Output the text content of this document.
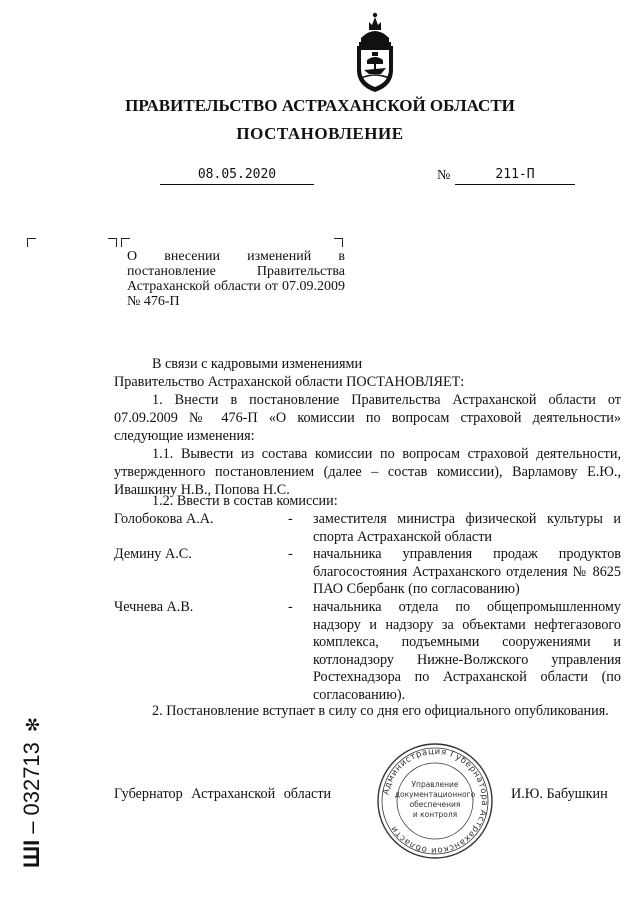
ПРАВИТЕЛЬСТВО АСТРАХАНСКОЙ ОБЛАСТИ
ПОСТАНОВЛЕНИЕ
08.05.2020	№	211-П
О внесении изменений в постановление Правительства Астраханской области от 07.09.2009 № 476-П
В связи с кадровыми изменениями
Правительство Астраханской области ПОСТАНОВЛЯЕТ:
1. Внести в постановление Правительства Астраханской области от 07.09.2009 № 476-П «О комиссии по вопросам страховой деятельности» следующие изменения:
1.1. Вывести из состава комиссии по вопросам страховой деятельности, утвержденного постановлением (далее – состав комиссии), Варламову Е.Ю., Ивашкину Н.В., Попова Н.С.
1.2. Ввести в состав комиссии:
Голобокова А.А.	- заместителя министра физической культуры и спорта Астраханской области
Демину А.С.	- начальника управления продаж продуктов благосостояния Астраханского отделения № 8625 ПАО Сбербанк (по согласованию)
Чечнева А.В.	- начальника отдела по общепромышленному надзору и надзору за объектами нефтегазового комплекса, подъемными сооружениями и котлонадзору Нижне-Волжского управления Ростехнадзора по Астраханской области (по согласованию).
2. Постановление вступает в силу со дня его официального опубликования.
Губернатор Астраханской области	И.Ю. Бабушкин
Администрация Губернатора Астраханской области
Управление
документационного
обеспечения
и контроля
ШI–032713✻
